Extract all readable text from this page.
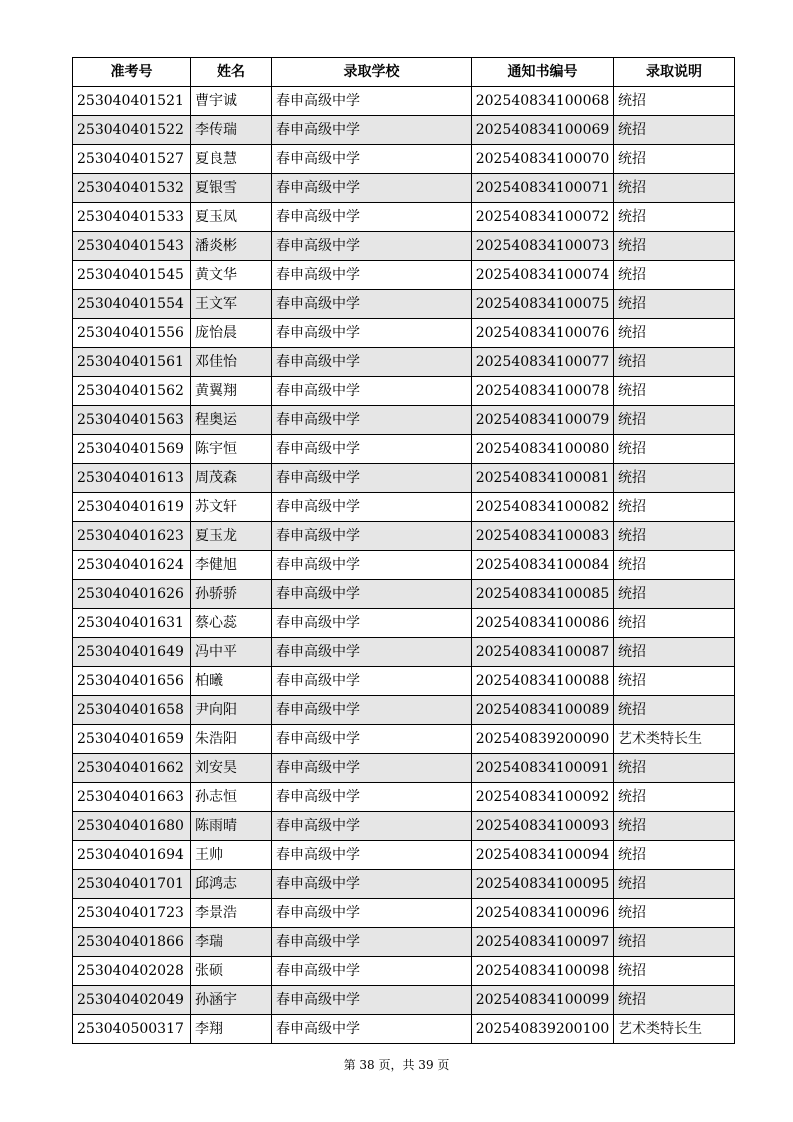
准考号	姓名	录取学校	通知书编号	录取说明
253040401521	曹宇诚	春申高级中学	202540834100068	统招
253040401522	李传瑞	春申高级中学	202540834100069	统招
253040401527	夏良慧	春申高级中学	202540834100070	统招
253040401532	夏银雪	春申高级中学	202540834100071	统招
253040401533	夏玉凤	春申高级中学	202540834100072	统招
253040401543	潘炎彬	春申高级中学	202540834100073	统招
253040401545	黄文华	春申高级中学	202540834100074	统招
253040401554	王文军	春申高级中学	202540834100075	统招
253040401556	庞怡晨	春申高级中学	202540834100076	统招
253040401561	邓佳怡	春申高级中学	202540834100077	统招
253040401562	黄翼翔	春申高级中学	202540834100078	统招
253040401563	程奥运	春申高级中学	202540834100079	统招
253040401569	陈宇恒	春申高级中学	202540834100080	统招
253040401613	周茂森	春申高级中学	202540834100081	统招
253040401619	苏文轩	春申高级中学	202540834100082	统招
253040401623	夏玉龙	春申高级中学	202540834100083	统招
253040401624	李健旭	春申高级中学	202540834100084	统招
253040401626	孙骄骄	春申高级中学	202540834100085	统招
253040401631	蔡心蕊	春申高级中学	202540834100086	统招
253040401649	冯中平	春申高级中学	202540834100087	统招
253040401656	柏曦	春申高级中学	202540834100088	统招
253040401658	尹向阳	春申高级中学	202540834100089	统招
253040401659	朱浩阳	春申高级中学	202540839200090	艺术类特长生
253040401662	刘安昊	春申高级中学	202540834100091	统招
253040401663	孙志恒	春申高级中学	202540834100092	统招
253040401680	陈雨晴	春申高级中学	202540834100093	统招
253040401694	王帅	春申高级中学	202540834100094	统招
253040401701	邱鸿志	春申高级中学	202540834100095	统招
253040401723	李景浩	春申高级中学	202540834100096	统招
253040401866	李瑞	春申高级中学	202540834100097	统招
253040402028	张硕	春申高级中学	202540834100098	统招
253040402049	孙涵宇	春申高级中学	202540834100099	统招
253040500317	李翔	春申高级中学	202540839200100	艺术类特长生
第 38 页，共 39 页
